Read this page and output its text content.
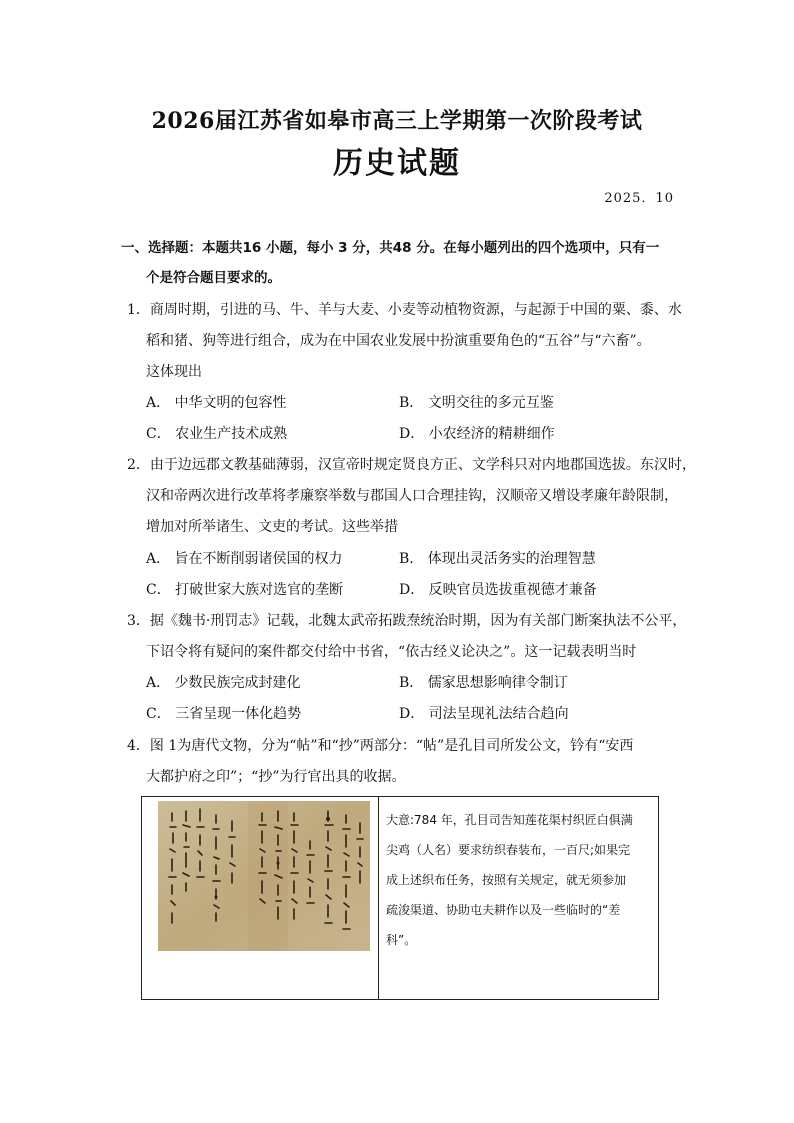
2026届江苏省如皋市高三上学期第一次阶段考试
历史试题
2025．10
一、选择题：本题共16 小题，每小 3 分，共48 分。在每小题列出的四个选项中，只有一
个是符合题目要求的。
1．商周时期，引进的马、牛、羊与大麦、小麦等动植物资源，与起源于中国的粟、黍、水
稻和猪、狗等进行组合，成为在中国农业发展中扮演重要角色的“五谷”与“六畜”。
这体现出
A． 中华文明的包容性	B． 文明交往的多元互鉴
C． 农业生产技术成熟	D． 小农经济的精耕细作
2．由于边远郡文教基础薄弱，汉宣帝时规定贤良方正、文学科只对内地郡国选拔。东汉时，
汉和帝两次进行改革将孝廉察举数与郡国人口合理挂钩，汉顺帝又增设孝廉年龄限制，
增加对所举诸生、文吏的考试。这些举措
A． 旨在不断削弱诸侯国的权力	B． 体现出灵活务实的治理智慧
C． 打破世家大族对选官的垄断	D． 反映官员选拔重视德才兼备
3．据《魏书·刑罚志》记载，北魏太武帝拓跋焘统治时期，因为有关部门断案执法不公平，
下诏令将有疑问的案件都交付给中书省，“依古经义论决之”。这一记载表明当时
A． 少数民族完成封建化	B． 儒家思想影响律令制订
C． 三省呈现一体化趋势	D． 司法呈现礼法结合趋向
4．图 1为唐代文物，分为“帖”和“抄”两部分：“帖”是孔目司所发公文，钤有“安西
大都护府之印”；“抄”为行官出具的收据。
大意:784 年，孔目司告知莲花渠村织匠白俱满
尖鸡（人名）要求纺织春装布，一百尺;如果完
成上述织布任务，按照有关规定，就无须参加
疏浚渠道、协助屯夫耕作以及一些临时的“差
科”。
